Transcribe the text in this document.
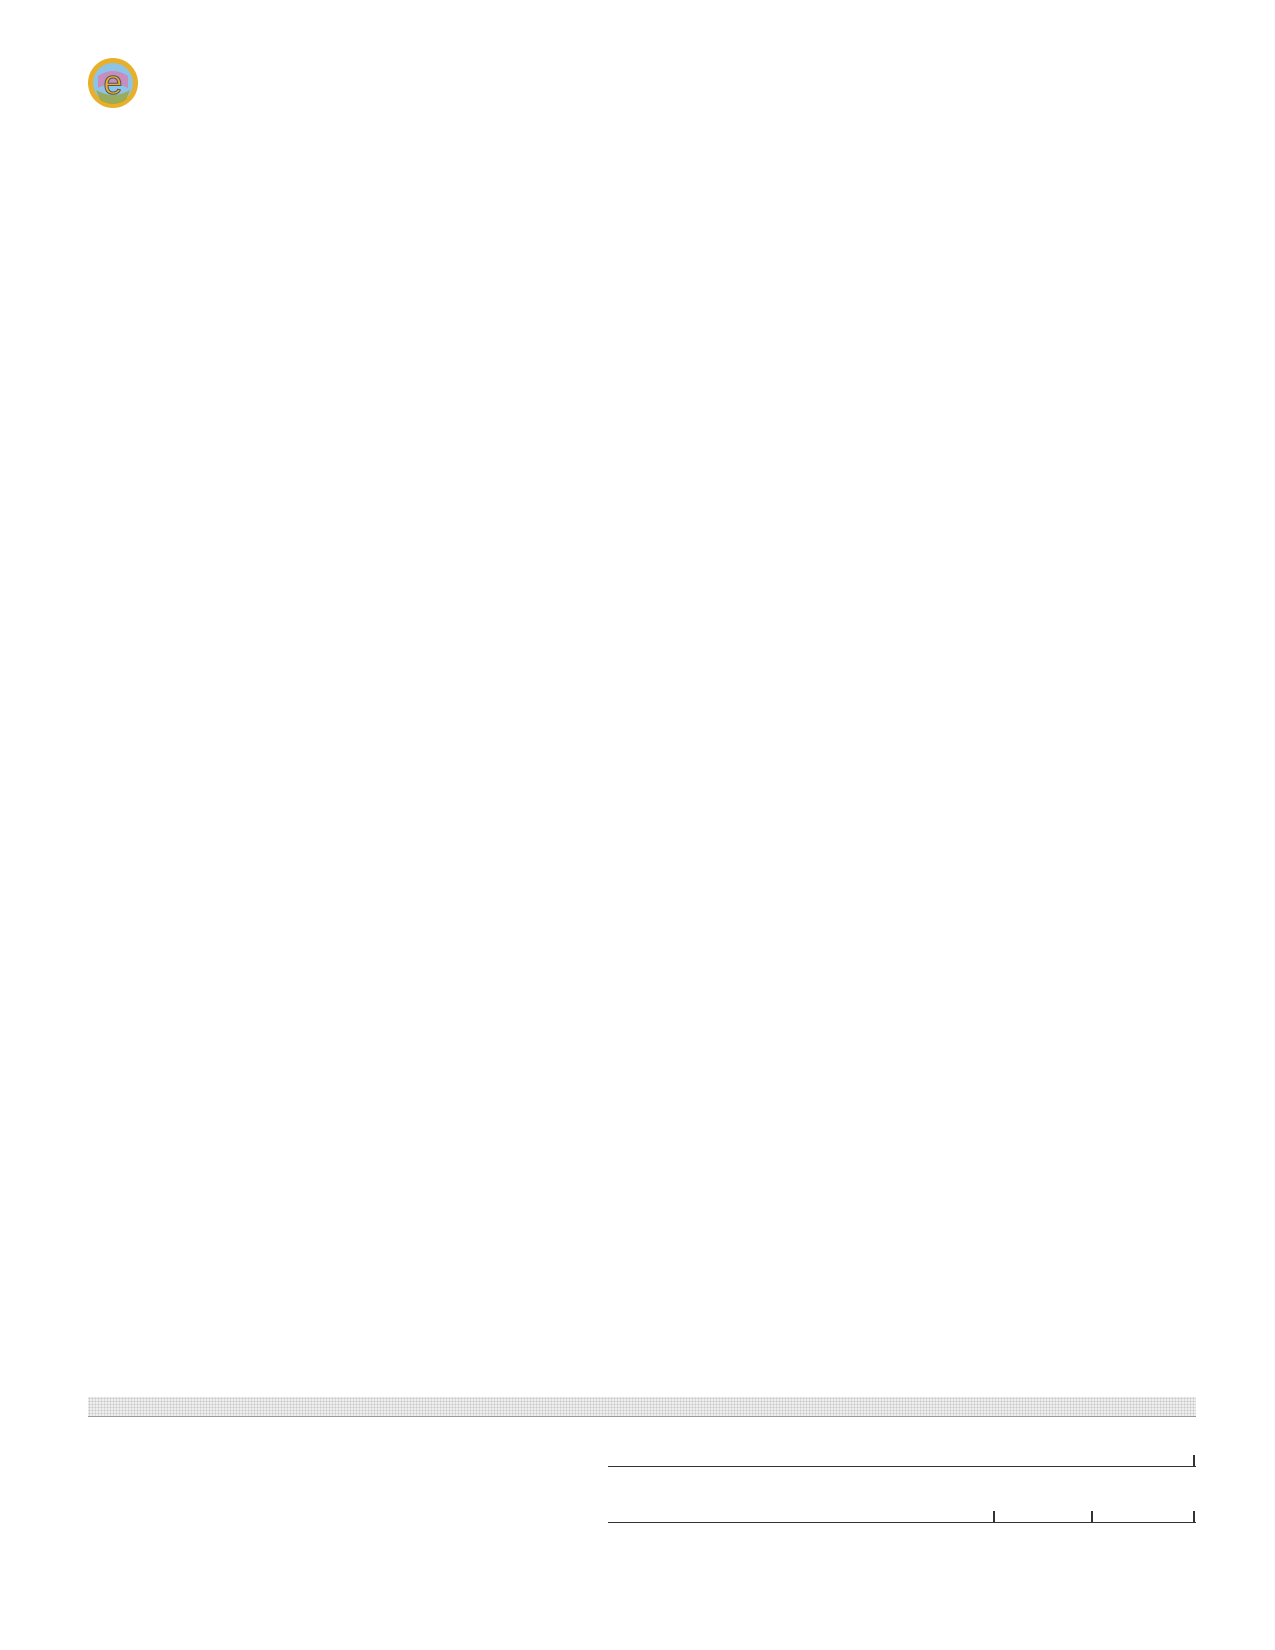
e
